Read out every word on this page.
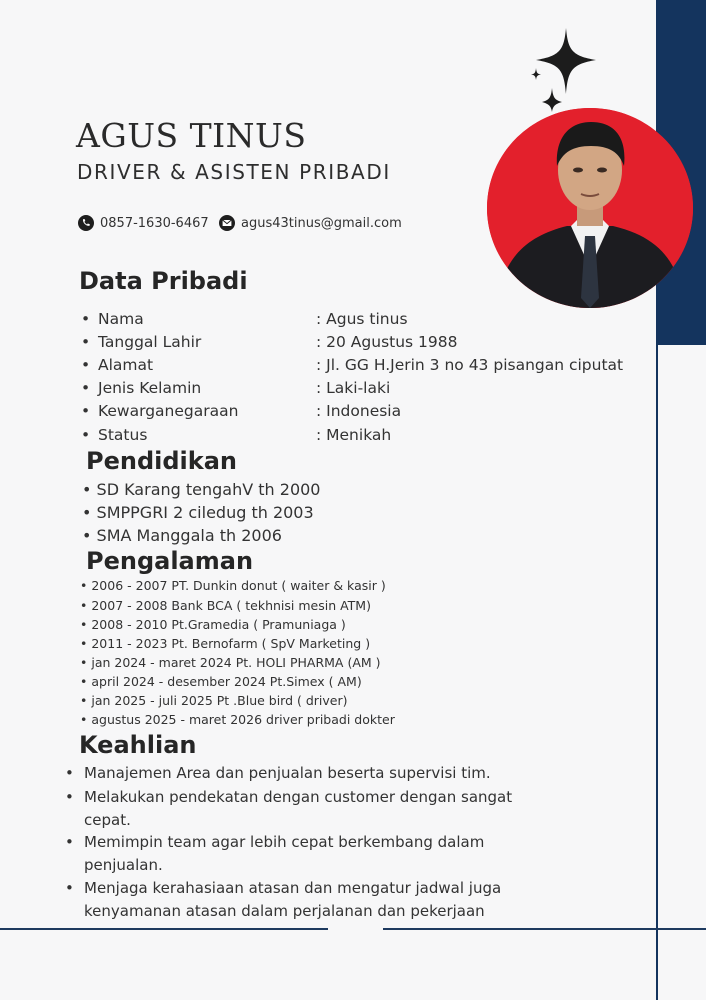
AGUS TINUS
DRIVER & ASISTEN PRIBADI
0857-1630-6467 agus43tinus@gmail.com
Data Pribadi
Nama	: Agus tinus
Tanggal Lahir	: 20 Agustus 1988
Alamat	: Jl. GG H.Jerin 3 no 43 pisangan ciputat
Jenis Kelamin	: Laki-laki
Kewarganegaraan	: Indonesia
Status	: Menikah
Pendidikan
• SD Karang tengahV th 2000
• SMPPGRI 2 ciledug th 2003
• SMA Manggala th 2006
Pengalaman
• 2006 - 2007 PT. Dunkin donut ( waiter & kasir )
• 2007 - 2008 Bank BCA ( tekhnisi mesin ATM)
• 2008 - 2010 Pt.Gramedia ( Pramuniaga )
• 2011 - 2023 Pt. Bernofarm ( SpV Marketing )
• jan 2024 - maret 2024 Pt. HOLI PHARMA (AM )
• april 2024 - desember 2024 Pt.Simex ( AM)
• jan 2025 - juli 2025 Pt .Blue bird ( driver)
• agustus 2025 - maret 2026 driver pribadi dokter
Keahlian
• Manajemen Area dan penjualan beserta supervisi tim.
• Melakukan pendekatan dengan customer dengan sangat cepat.
• Memimpin team agar lebih cepat berkembang dalam penjualan.
• Menjaga kerahasiaan atasan dan mengatur jadwal juga kenyamanan atasan dalam perjalanan dan pekerjaan
